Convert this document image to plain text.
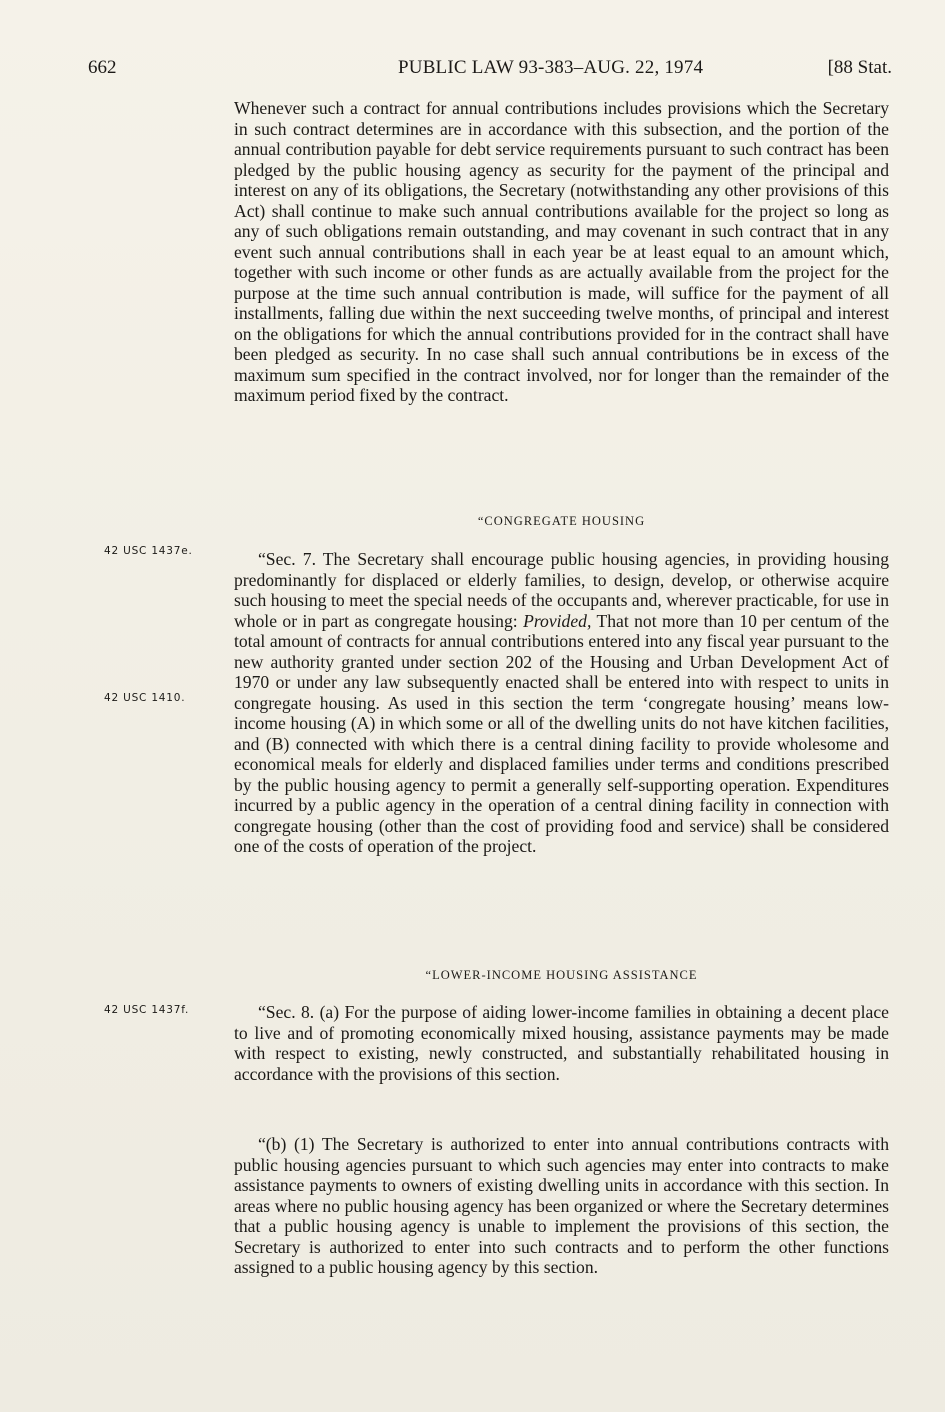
662	PUBLIC LAW 93-383–AUG. 22, 1974	[88 Stat.
Whenever such a contract for annual contributions includes provisions which the Secretary in such contract determines are in accordance with this subsection, and the portion of the annual contribution payable for debt service requirements pursuant to such contract has been pledged by the public housing agency as security for the payment of the principal and interest on any of its obligations, the Secretary (notwithstanding any other provisions of this Act) shall continue to make such annual contributions available for the project so long as any of such obligations remain outstanding, and may covenant in such contract that in any event such annual contributions shall in each year be at least equal to an amount which, together with such income or other funds as are actually available from the project for the purpose at the time such annual contribution is made, will suffice for the payment of all installments, falling due within the next succeeding twelve months, of principal and interest on the obligations for which the annual contributions provided for in the contract shall have been pledged as security. In no case shall such annual contributions be in excess of the maximum sum specified in the contract involved, nor for longer than the remainder of the maximum period fixed by the contract.
“CONGREGATE HOUSING
42 USC 1437e.	“Sec. 7. The Secretary shall encourage public housing agencies, in providing housing predominantly for displaced or elderly families, to design, develop, or otherwise acquire such housing to meet the special needs of the occupants and, wherever practicable, for use in whole or in part as congregate housing: Provided, That not more than 10 per centum of the total amount of contracts for annual contributions entered into any fiscal year pursuant to the new authority granted under section 202 of the Housing and Urban Development Act of 1970 or under any law subsequently enacted shall be entered into with respect to units in congregate housing. As used in this section the term ‘congregate housing’ means low-income housing (A) in which some or all of the dwelling units do not have kitchen facilities, and (B) connected with which there is a central dining facility to provide wholesome and economical meals for elderly and displaced families under terms and conditions prescribed by the public housing agency to permit a generally self-supporting operation. Expenditures incurred by a public agency in the operation of a central dining facility in connection with congregate housing (other than the cost of providing food and service) shall be considered one of the costs of operation of the project.
42 USC 1410.
“LOWER-INCOME HOUSING ASSISTANCE
42 USC 1437f.	“Sec. 8. (a) For the purpose of aiding lower-income families in obtaining a decent place to live and of promoting economically mixed housing, assistance payments may be made with respect to existing, newly constructed, and substantially rehabilitated housing in accordance with the provisions of this section.
“(b) (1) The Secretary is authorized to enter into annual contributions contracts with public housing agencies pursuant to which such agencies may enter into contracts to make assistance payments to owners of existing dwelling units in accordance with this section. In areas where no public housing agency has been organized or where the Secretary determines that a public housing agency is unable to implement the provisions of this section, the Secretary is authorized to enter into such contracts and to perform the other functions assigned to a public housing agency by this section.
